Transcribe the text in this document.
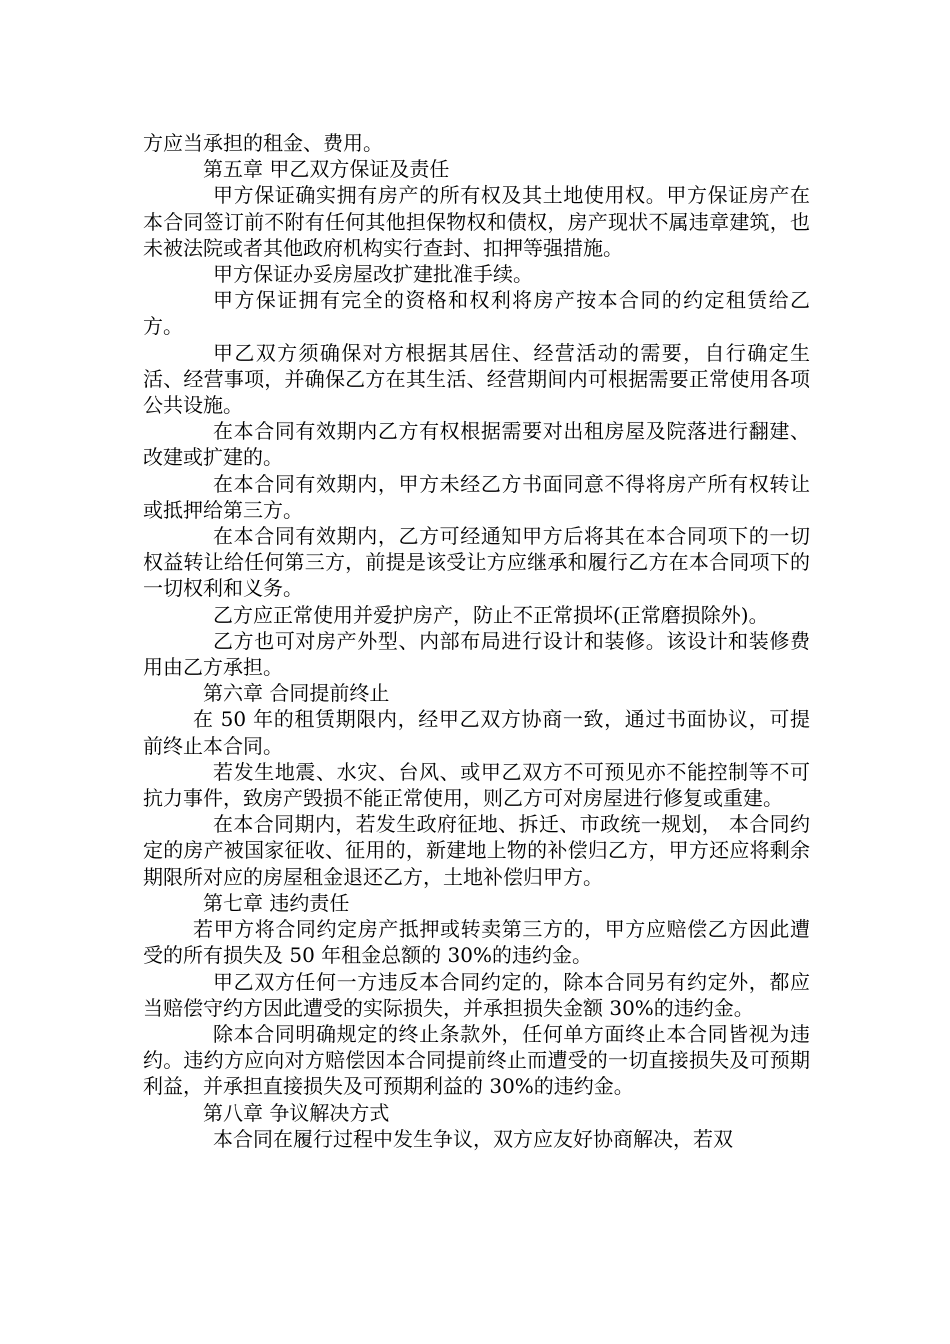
方应当承担的租金、费用。

第五章 甲乙双方保证及责任

甲方保证确实拥有房产的所有权及其土地使用权。甲方保证房产在本合同签订前不附有任何其他担保物权和债权，房产现状不属违章建筑，也未被法院或者其他政府机构实行查封、扣押等强措施。

甲方保证办妥房屋改扩建批准手续。

甲方保证拥有完全的资格和权利将房产按本合同的约定租赁给乙方。

甲乙双方须确保对方根据其居住、经营活动的需要，自行确定生活、经营事项，并确保乙方在其生活、经营期间内可根据需要正常使用各项公共设施。

在本合同有效期内乙方有权根据需要对出租房屋及院落进行翻建、改建或扩建的。

在本合同有效期内，甲方未经乙方书面同意不得将房产所有权转让或抵押给第三方。

在本合同有效期内，乙方可经通知甲方后将其在本合同项下的一切权益转让给任何第三方，前提是该受让方应继承和履行乙方在本合同项下的一切权利和义务。

乙方应正常使用并爱护房产，防止不正常损坏(正常磨损除外)。

乙方也可对房产外型、内部布局进行设计和装修。该设计和装修费用由乙方承担。

第六章 合同提前终止

在 50 年的租赁期限内，经甲乙双方协商一致，通过书面协议，可提前终止本合同。

若发生地震、水灾、台风、或甲乙双方不可预见亦不能控制等不可抗力事件，致房产毁损不能正常使用，则乙方可对房屋进行修复或重建。

在本合同期内，若发生政府征地、拆迁、市政统一规划， 本合同约定的房产被国家征收、征用的，新建地上物的补偿归乙方，甲方还应将剩余期限所对应的房屋租金退还乙方，土地补偿归甲方。

第七章 违约责任

若甲方将合同约定房产抵押或转卖第三方的，甲方应赔偿乙方因此遭受的所有损失及 50 年租金总额的 30%的违约金。

甲乙双方任何一方违反本合同约定的，除本合同另有约定外，都应当赔偿守约方因此遭受的实际损失，并承担损失金额 30%的违约金。

除本合同明确规定的终止条款外，任何单方面终止本合同皆视为违约。违约方应向对方赔偿因本合同提前终止而遭受的一切直接损失及可预期利益，并承担直接损失及可预期利益的 30%的违约金。

第八章 争议解决方式

本合同在履行过程中发生争议，双方应友好协商解决，若双
